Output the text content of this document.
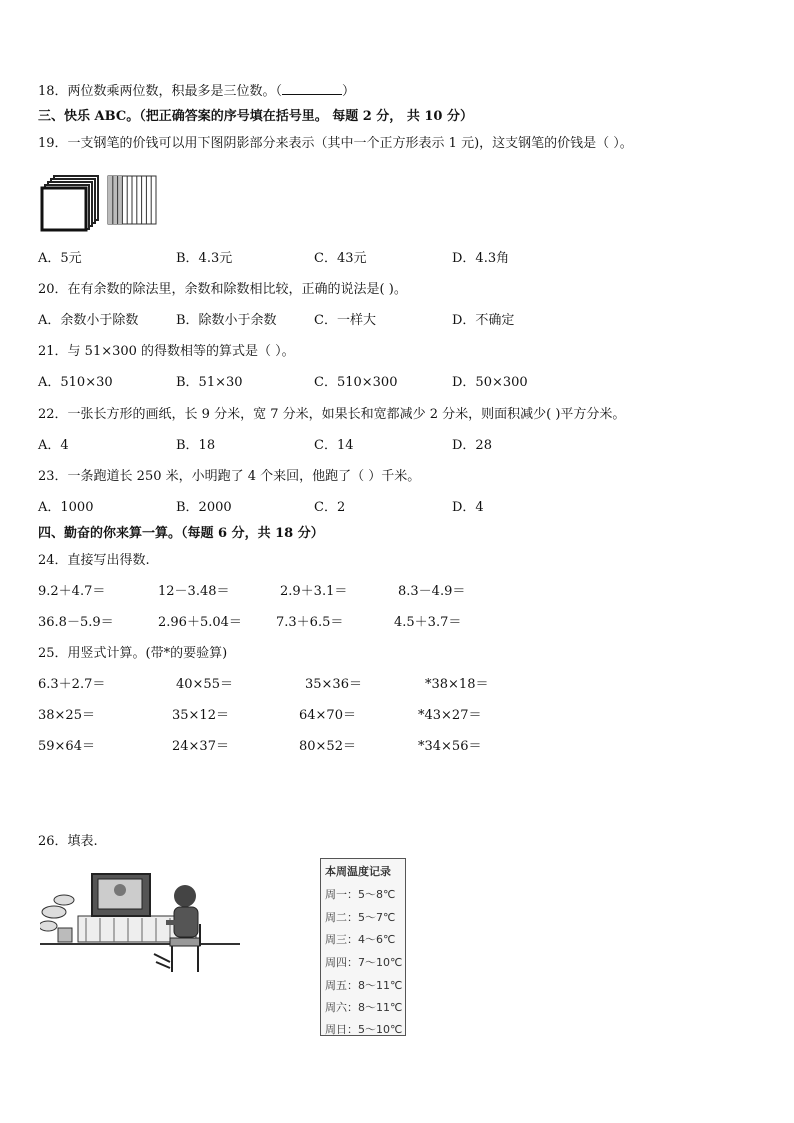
18．两位数乘两位数，积最多是三位数。（	）
三、快乐 ABC。（把正确答案的序号填在括号里。 每题 2 分， 共 10 分）
19．一支钢笔的价钱可以用下图阴影部分来表示（其中一个正方形表示 1 元)，这支钢笔的价钱是（ ）。
A．5元	B．4.3元	C．43元	D．4.3角
20．在有余数的除法里，余数和除数相比较，正确的说法是( )。
A．余数小于除数	B．除数小于余数	C．一样大	D．不确定
21．与 51×300 的得数相等的算式是（ ）。
A．510×30	B．51×30	C．510×300	D．50×300
22．一张长方形的画纸，长 9 分米，宽 7 分米，如果长和宽都减少 2 分米，则面积减少( )平方分米。
A．4	B．18	C．14	D．28
23．一条跑道长 250 米，小明跑了 4 个来回，他跑了（ ）千米。
A．1000	B．2000	C．2	D．4
四、勤奋的你来算一算。（每题 6 分，共 18 分）
24．直接写出得数.
9.2＋4.7＝	12－3.48＝	2.9＋3.1＝	8.3－4.9＝
36.8－5.9＝	2.96＋5.04＝	7.3＋6.5＝	4.5＋3.7＝
25．用竖式计算。(带*的要验算)
6.3＋2.7＝	40×55＝	35×36＝	*38×18＝
38×25＝	35×12＝	64×70＝	*43×27＝
59×64＝	24×37＝	80×52＝	*34×56＝
26．填表.
本周温度记录
周一：5～8℃
周二：5～7℃
周三：4～6℃
周四：7～10℃
周五：8～11℃
周六：8～11℃
周日：5～10℃
